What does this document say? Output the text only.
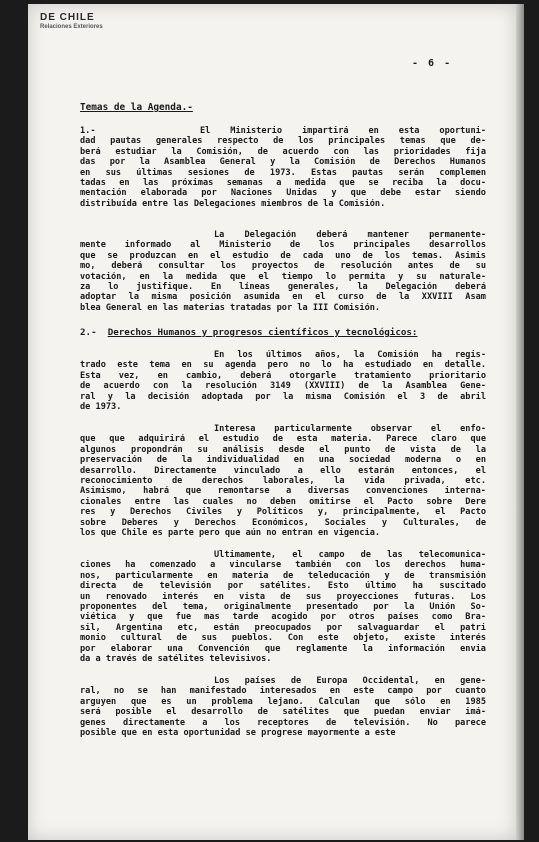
DE CHILE
Relaciones Exteriores
- 6 -
Temas de la Agenda.-
1.-	El Ministerio impartirá en esta oportuni-
dad pautas generales respecto de los principales temas que de-
berá estudiar la Comisión, de acuerdo con las prioridades fija
das por la Asamblea General y la Comisión de Derechos Humanos
en sus últimas sesiones de 1973. Estas pautas serán complemen
tadas en las próximas semanas a medida que se reciba la docu-
mentación elaborada por Naciones Unidas y que debe estar siendo
distribuída entre las Delegaciones miembros de la Comisión.
La Delegación deberá mantener permanente-
mente informado al Ministerio de los principales desarrollos
que se produzcan en el estudio de cada uno de los temas. Asimis
mo, deberá consultar los proyectos de resolución antes de su
votación, en la medida que el tiempo lo permita y su naturale-
za lo justifique. En líneas generales, la Delegación deberá
adoptar la misma posición asumida en el curso de la XXVIII Asam
blea General en las materias tratadas por la III Comisión.
2.- Derechos Humanos y progresos científicos y tecnológicos:
En los últimos años, la Comisión ha regis-
trado este tema en su agenda pero no lo ha estudiado en detalle.
Esta vez, en cambio, deberá otorgarle tratamiento prioritario
de acuerdo con la resolución 3149 (XXVIII) de la Asamblea Gene-
ral y la decisión adoptada por la misma Comisión el 3 de abril
de 1973.
Interesa particularmente observar el enfo-
que que adquirirá el estudio de esta materia. Parece claro que
algunos propondrán su análisis desde el punto de vista de la
preservación de la individualidad en una sociedad moderna o en
desarrollo. Directamente vinculado a ello estarán entonces, el
reconocimiento de derechos laborales, la vida privada, etc.
Asimismo, habrá que remontarse a diversas convenciones interna-
cionales entre las cuales no deben omitirse el Pacto sobre Dere
res y Derechos Civiles y Políticos y, principalmente, el Pacto
sobre Deberes y Derechos Económicos, Sociales y Culturales, de
los que Chile es parte pero que aún no entran en vigencia.
Ultimamente, el campo de las telecomunica-
ciones ha comenzado a vincularse también con los derechos huma-
nos, particularmente en materia de teleducación y de transmisión
directa de televisión por satélites. Esto último ha suscitado
un renovado interés en vista de sus proyecciones futuras. Los
proponentes del tema, originalmente presentado por la Unión So-
viética y que fue mas tarde acogido por otros países como Bra-
sil, Argentina etc, están preocupados por salvaguardar el patri
monio cultural de sus pueblos. Con este objeto, existe interés
por elaborar una Convención que reglamente la información envia
da a través de satélites televisivos.
Los países de Europa Occidental, en gene-
ral, no se han manifestado interesados en este campo por cuanto
arguyen que es un problema lejano. Calculan que sólo en 1985
será posible el desarrollo de satélites que puedan enviar imá-
genes directamente a los receptores de televisión. No parece
posible que en esta oportunidad se progrese mayormente a este
